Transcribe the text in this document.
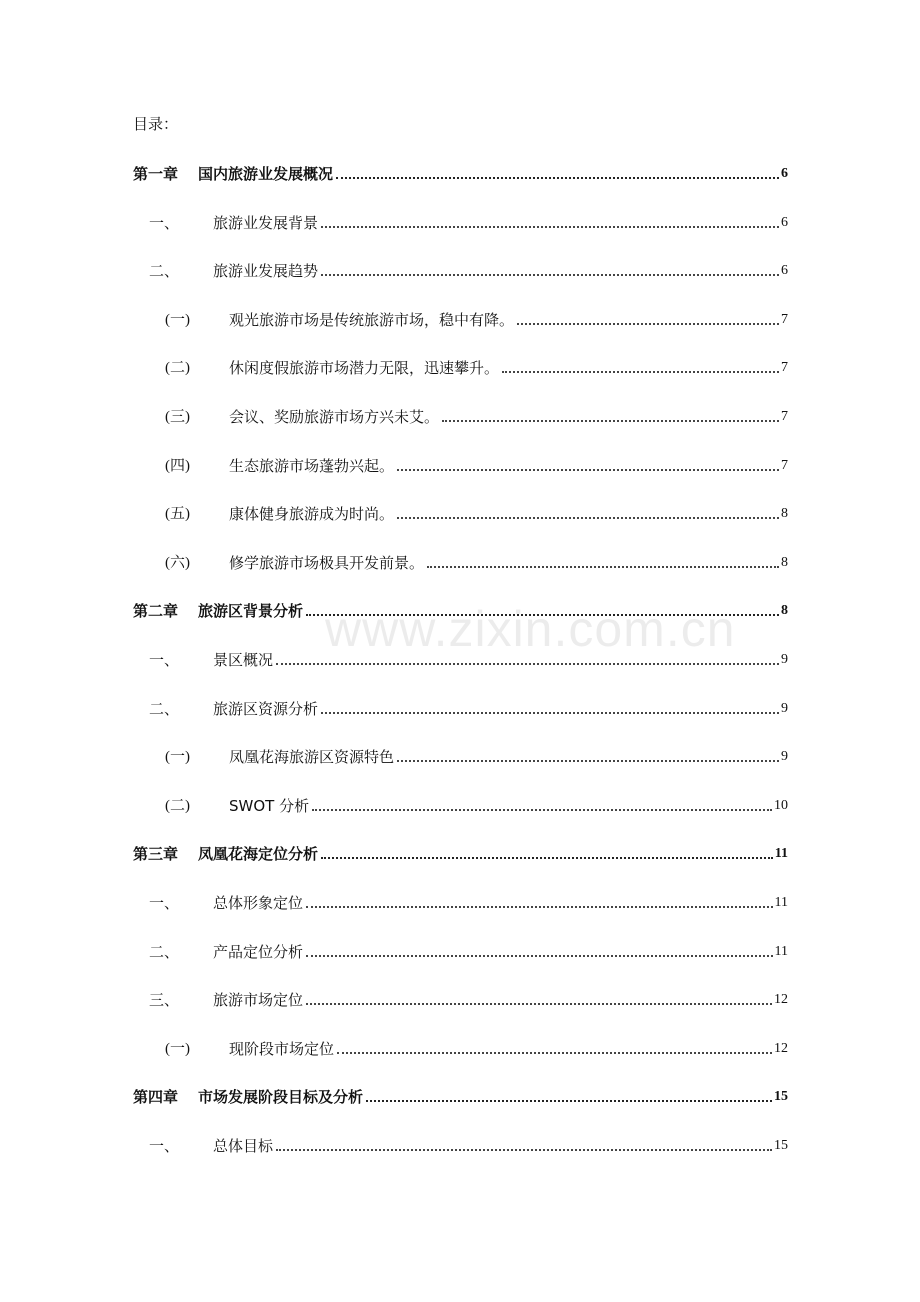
目录：
第一章	国内旅游业发展概况	6
一、	旅游业发展背景	6
二、	旅游业发展趋势	6
(一)	观光旅游市场是传统旅游市场，稳中有降。	7
(二)	休闲度假旅游市场潜力无限，迅速攀升。	7
(三)	会议、奖励旅游市场方兴未艾。	7
(四)	生态旅游市场蓬勃兴起。	7
(五)	康体健身旅游成为时尚。	8
(六)	修学旅游市场极具开发前景。	8
第二章	旅游区背景分析	8
一、	景区概况	9
二、	旅游区资源分析	9
(一)	凤凰花海旅游区资源特色	9
(二)	SWOT 分析	10
第三章	凤凰花海定位分析	11
一、	总体形象定位	11
二、	产品定位分析	11
三、	旅游市场定位	12
(一)	现阶段市场定位	12
第四章	市场发展阶段目标及分析	15
一、	总体目标	15
www.zixin.com.cn
